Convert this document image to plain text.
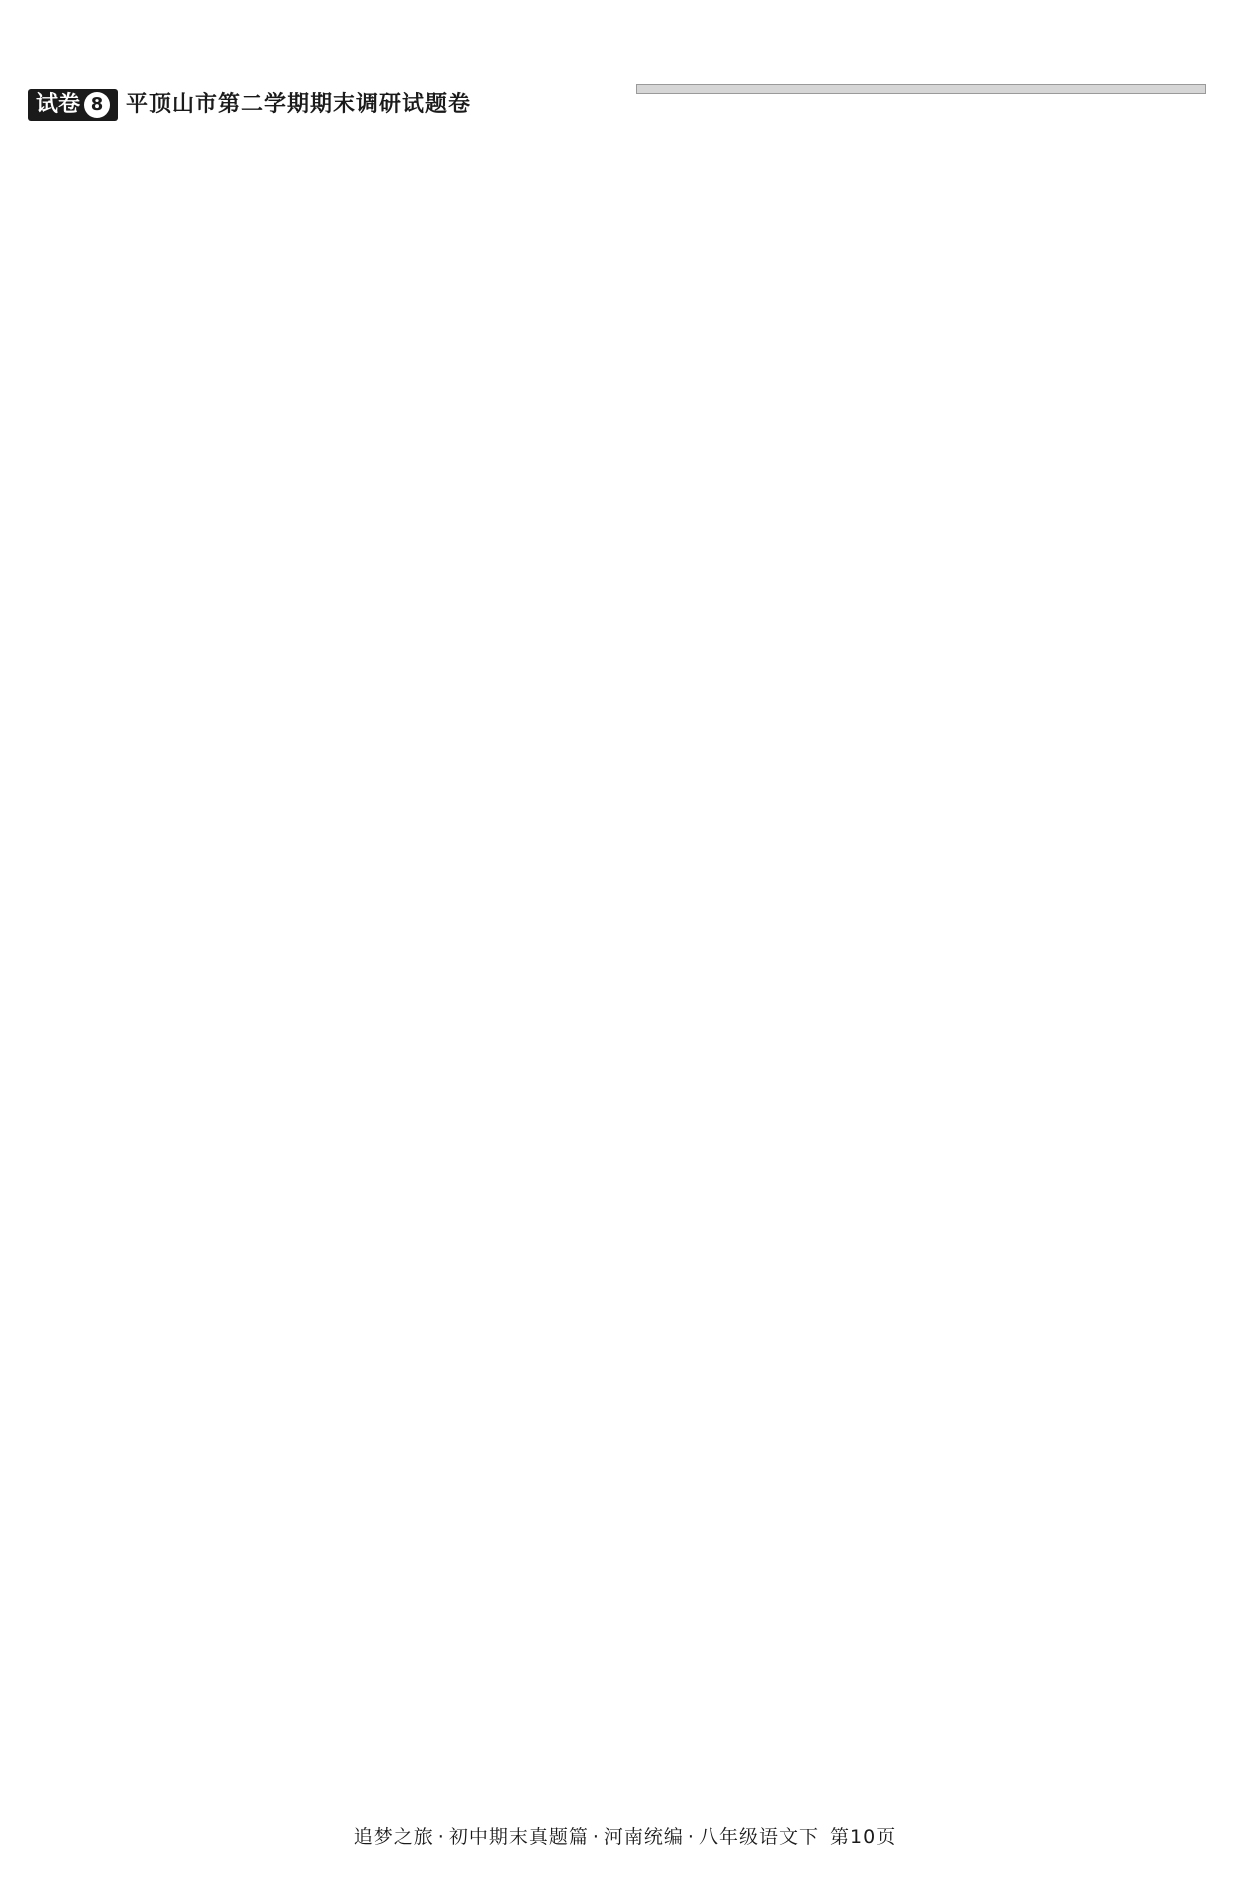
试卷 8	平顶山市第二学期期末调研试题卷
追梦之旅 · 初中期末真题篇 · 河南统编 · 八年级语文下 第10页
